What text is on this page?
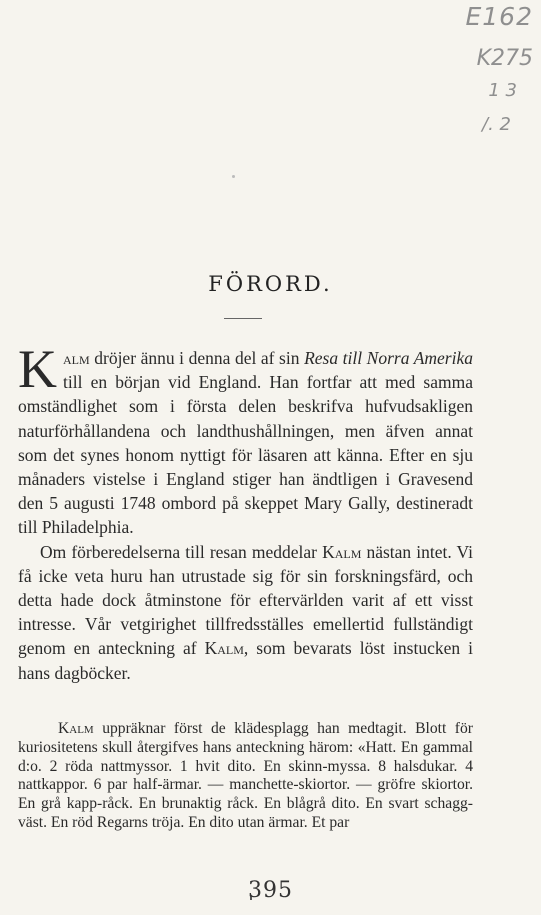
E162
K275
1 3
/. 2
FÖRORD.

Kalm dröjer ännu i denna del af sin Resa till Norra Amerika till en början vid England. Han fortfar att med samma omständlighet som i första delen beskrifva hufvudsakligen naturförhållandena och landthushållningen, men äfven annat som det synes honom nyttigt för läsaren att känna. Efter en sju månaders vistelse i England stiger han ändtligen i Gravesend den 5 augusti 1748 ombord på skeppet Mary Gally, destineradt till Philadelphia.

Om förberedelserna till resan meddelar Kalm nästan intet. Vi få icke veta huru han utrustade sig för sin forskningsfärd, och detta hade dock åtminstone för eftervärlden varit af ett visst intresse. Vår vetgirighet tillfredsställes emellertid fullständigt genom en anteckning af Kalm, som bevarats löst instucken i hans dagböcker.

Kalm uppräknar först de klädesplagg han medtagit. Blott för kuriositetens skull återgifves hans anteckning härom: «Hatt. En gammal d:o. 2 röda nattmyssor. 1 hvit dito. En skinn-myssa. 8 halsdukar. 4 nattkappor. 6 par half-ärmar. — manchette-skiortor. — gröfre skiortor. En grå kapp-råck. En brunaktig råck. En blågrå dito. En svart schagg-väst. En röd Regarns tröja. En dito utan ärmar. Et par

395
